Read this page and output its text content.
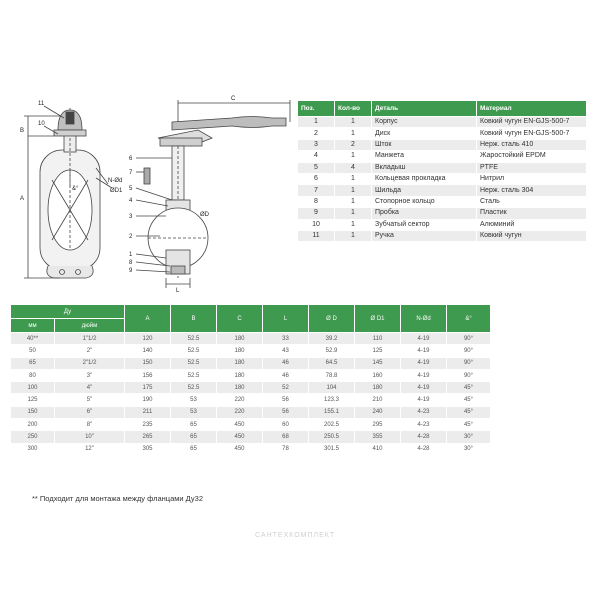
11
10
B
A
&°
N-Ød
ØD1
C
6
7
5
4
3
2
1
8
9
ØD
L
Поз.	Кол-во	Деталь	Материал
1	1	Корпус	Ковкий чугун EN-GJS-500-7
2	1	Диск	Ковкий чугун EN-GJS-500-7
3	2	Шток	Нерж. сталь 410
4	1	Манжета	Жаростойкий EPDM
5	4	Вкладыш	PTFE
6	1	Кольцевая прокладка	Нитрил
7	1	Шильда	Нерж. сталь 304
8	1	Стопорное кольцо	Сталь
9	1	Пробка	Пластик
10	1	Зубчатый сектор	Алюминий
11	1	Ручка	Ковкий чугун
Ду		A	B	C	L	Ø D	Ø D1	N-Ød	&°
мм	дюйм								
40**	1"1/2	120	52.5	180	33	39.2	110	4-19	90°
50	2"	140	52.5	180	43	52.9	125	4-19	90°
65	2"1/2	150	52.5	180	46	64.5	145	4-19	90°
80	3"	156	52.5	180	46	78.8	160	4-19	90°
100	4"	175	52.5	180	52	104	180	4-19	45°
125	5"	190	53	220	56	123.3	210	4-19	45°
150	6"	211	53	220	56	155.1	240	4-23	45°
200	8"	235	65	450	60	202.5	295	4-23	45°
250	10"	265	65	450	68	250.5	355	4-28	30°
300	12"	305	65	450	78	301.5	410	4-28	30°
** Подходит для монтажа между фланцами Ду32
САНТЕХКОМПЛЕКТ
